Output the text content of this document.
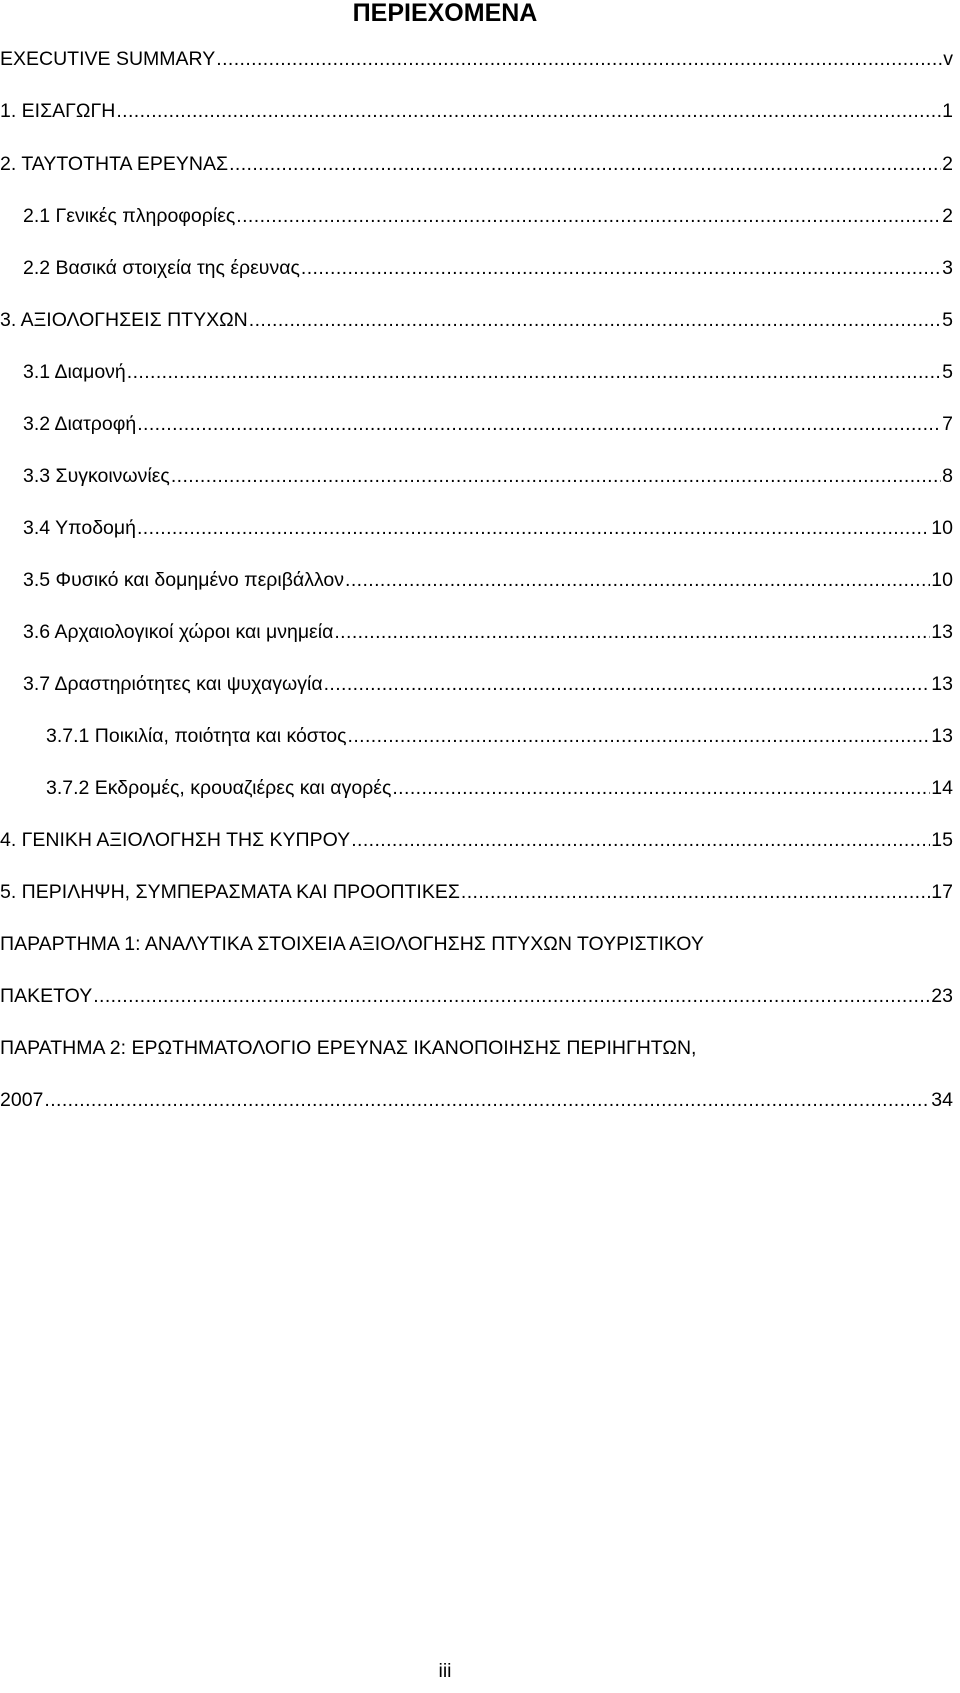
ΠΕΡΙΕΧΟΜΕΝΑ
EXECUTIVE SUMMARY .....	v
1. ΕΙΣΑΓΩΓΗ .....	1
2. ΤΑΥΤΟΤΗΤΑ ΕΡΕΥΝΑΣ .....	2
2.1 Γενικές πληροφορίες .....	2
2.2 Βασικά στοιχεία της έρευνας .....	3
3. ΑΞΙΟΛΟΓΗΣΕΙΣ ΠΤΥΧΩΝ .....	5
3.1 Διαμονή .....	5
3.2 Διατροφή .....	7
3.3 Συγκοινωνίες .....	8
3.4 Υποδομή .....	10
3.5 Φυσικό και δομημένο περιβάλλον .....	10
3.6 Αρχαιολογικοί χώροι και μνημεία .....	13
3.7 Δραστηριότητες και ψυχαγωγία .....	13
3.7.1 Ποικιλία, ποιότητα και κόστος .....	13
3.7.2 Εκδρομές, κρουαζιέρες και αγορές .....	14
4. ΓΕΝΙΚΗ ΑΞΙΟΛΟΓΗΣΗ ΤΗΣ ΚΥΠΡΟΥ .....	15
5. ΠΕΡΙΛΗΨΗ, ΣΥΜΠΕΡΑΣΜΑΤΑ ΚΑΙ ΠΡΟΟΠΤΙΚΕΣ .....	17
ΠΑΡΑΡΤΗΜΑ 1: ΑΝΑΛΥΤΙΚΑ ΣΤΟΙΧΕΙΑ ΑΞΙΟΛΟΓΗΣΗΣ ΠΤΥΧΩΝ ΤΟΥΡΙΣΤΙΚΟΥ
ΠΑΚΕΤΟΥ .....	23
ΠΑΡΑΤΗΜΑ 2: ΕΡΩΤΗΜΑΤΟΛΟΓΙΟ ΕΡΕΥΝΑΣ ΙΚΑΝΟΠΟΙΗΣΗΣ ΠΕΡΙΗΓΗΤΩΝ,
2007 .....	34
iii
